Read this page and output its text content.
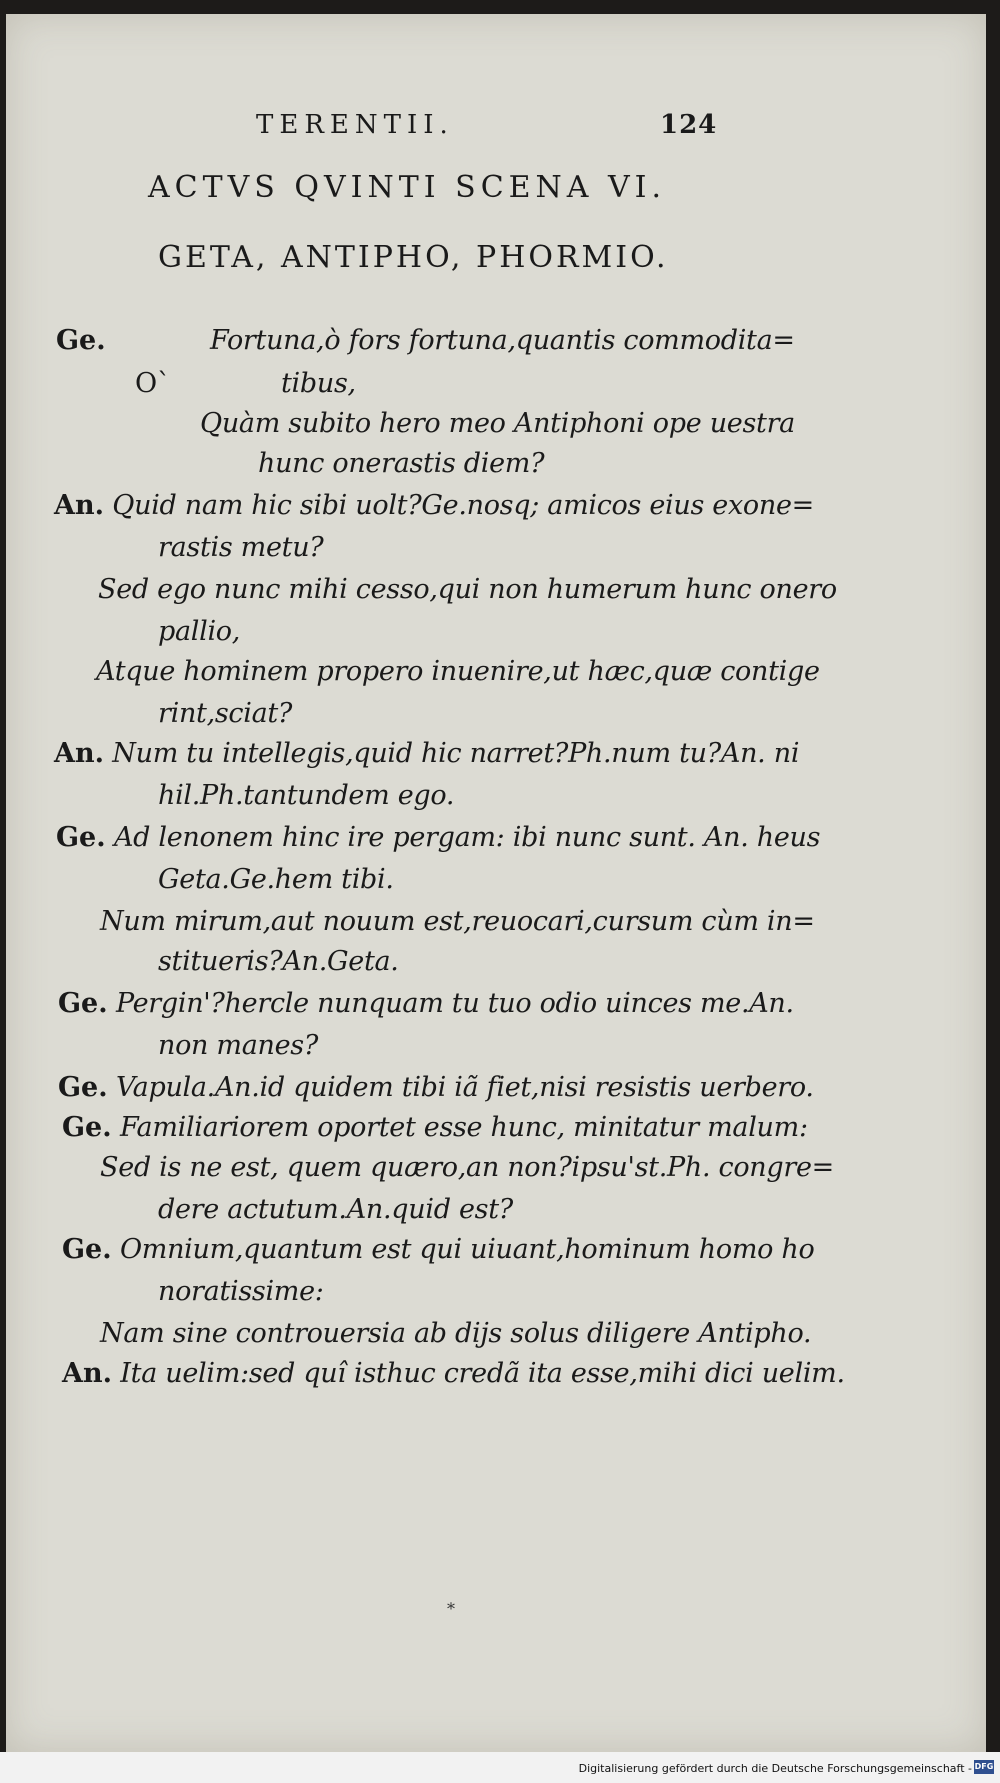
TERENTII.	124
ACTVS QVINTI SCENA VI.
GETA, ANTIPHO, PHORMIO.
O`
Ge.	Fortuna,ò fors fortuna,quantis commodita=
tibus,
Quàm subito hero meo Antiphoni ope uestra
hunc onerastis diem?
An. Quid nam hic sibi uolt?Ge.nosq; amicos eius exone=
rastis metu?
Sed ego nunc mihi cesso,qui non humerum hunc onero
pallio,
Atque hominem propero inuenire,ut hæc,quæ contige
rint,sciat?
An. Num tu intellegis,quid hic narret?Ph.num tu?An. ni
hil.Ph.tantundem ego.
Ge. Ad lenonem hinc ire pergam: ibi nunc sunt. An. heus
Geta.Ge.hem tibi.
Num mirum,aut nouum est,reuocari,cursum cùm in=
stitueris?An.Geta.
Ge. Pergin'?hercle nunquam tu tuo odio uinces me.An.
non manes?
Ge. Vapula.An.id quidem tibi iã fiet,nisi resistis uerbero.
Ge. Familiariorem oportet esse hunc, minitatur malum:
Sed is ne est, quem quæro,an non?ipsu'st.Ph. congre=
dere actutum.An.quid est?
Ge. Omnium,quantum est qui uiuant,hominum homo ho
noratissime:
Nam sine controuersia ab dijs solus diligere Antipho.
An. Ita uelim:sed quî isthuc credã ita esse,mihi dici uelim.
⁎
Digitalisierung gefördert durch die Deutsche Forschungsgemeinschaft - DFG
